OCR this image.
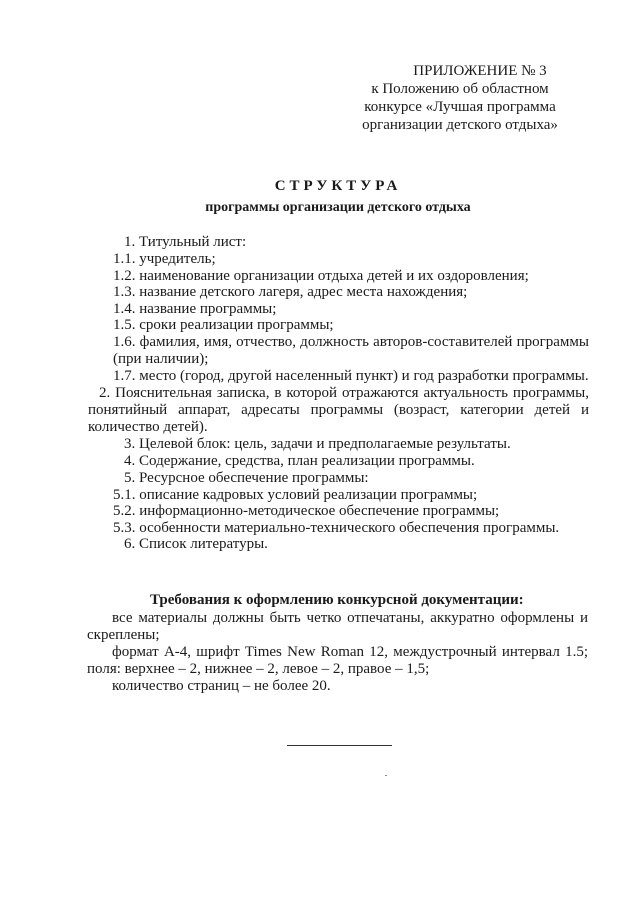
ПРИЛОЖЕНИЕ № 3
к Положению об областном
конкурсе «Лучшая программа
организации детского отдыха»
СТРУКТУРА
программы организации детского отдыха

1. Титульный лист:

1.1. учредитель;

1.2. наименование организации отдыха детей и их оздоровления;

1.3. название детского лагеря, адрес места нахождения;

1.4. название программы;

1.5. сроки реализации программы;

1.6. фамилия, имя, отчество, должность авторов-составителей программы (при наличии);

1.7. место (город, другой населенный пункт) и год разработки программы.

2. Пояснительная записка, в которой отражаются актуальность программы, понятийный аппарат, адресаты программы (возраст, категории детей и количество детей).

3. Целевой блок: цель, задачи и предполагаемые результаты.

4. Содержание, средства, план реализации программы.

5. Ресурсное обеспечение программы:

5.1. описание кадровых условий реализации программы;

5.2. информационно-методическое обеспечение программы;

5.3. особенности материально-технического обеспечения программы.

6. Список литературы.

Требования к оформлению конкурсной документации:

все материалы должны быть четко отпечатаны, аккуратно оформлены и скреплены;

формат А-4, шрифт Times New Roman 12, междустрочный интервал 1.5; поля: верхнее – 2, нижнее – 2, левое – 2, правое – 1,5;

количество страниц – не более 20.
